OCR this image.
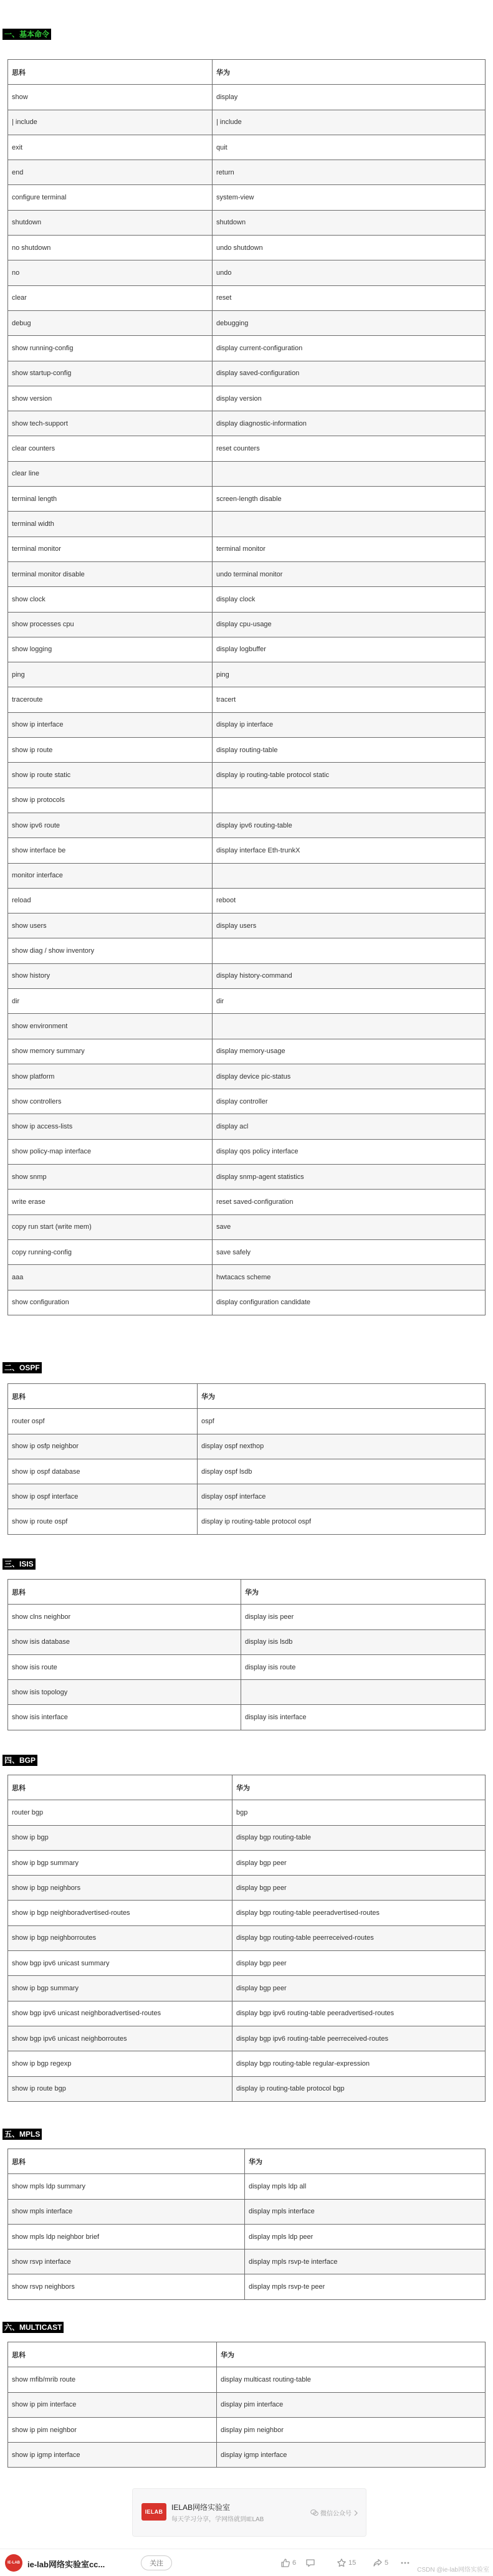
一、基本命令
思科	华为
show	display
| include	| include
exit	quit
end	return
configure terminal	system-view
shutdown	shutdown
no shutdown	undo shutdown
no	undo
clear	reset
debug	debugging
show running-config	display current-configuration
show startup-config	display saved-configuration
show version	display version
show tech-support	display diagnostic-information
clear counters	reset counters
clear line	
terminal length	screen-length disable
terminal width	
terminal monitor	terminal monitor
terminal monitor disable	undo terminal monitor
show clock	display clock
show processes cpu	display cpu-usage
show logging	display logbuffer
ping	ping
traceroute	tracert
show ip interface	display ip interface
show ip route	display routing-table
show ip route static	display ip routing-table protocol static
show ip protocols	
show ipv6 route	display ipv6 routing-table
show interface be	display interface Eth-trunkX
monitor interface	
reload	reboot
show users	display users
show diag / show inventory	
show history	display history-command
dir	dir
show environment	
show memory summary	display memory-usage
show platform	display device pic-status
show controllers	display controller
show ip access-lists	display acl
show policy-map interface	display qos policy interface
show snmp	display snmp-agent statistics
write erase	reset saved-configuration
copy run start (write mem)	save
copy running-config	save safely
aaa	hwtacacs scheme
show configuration	display configuration candidate
二、OSPF
思科	华为
router ospf	ospf
show ip osfp neighbor	display ospf nexthop
show ip ospf database	display ospf lsdb
show ip ospf interface	display ospf interface
show ip route ospf	display ip routing-table protocol ospf
三、ISIS
思科	华为
show clns neighbor	display isis peer
show isis database	display isis lsdb
show isis route	display isis route
show isis topology	
show isis interface	display isis interface
四、BGP
思科	华为
router bgp	bgp
show ip bgp	display bgp routing-table
show ip bgp summary	display bgp peer
show ip bgp neighbors	display bgp peer
show ip bgp neighboradvertised-routes	display bgp routing-table peeradvertised-routes
show ip bgp neighborroutes	display bgp routing-table peerreceived-routes
show bgp ipv6 unicast summary	display bgp peer
show ip bgp summary	display bgp peer
show bgp ipv6 unicast neighboradvertised-routes	display bgp ipv6 routing-table peeradvertised-routes
show bgp ipv6 unicast neighborroutes	display bgp ipv6 routing-table peerreceived-routes
show ip bgp regexp	display bgp routing-table regular-expression
show ip route bgp	display ip routing-table protocol bgp
五、MPLS
思科	华为
show mpls ldp summary	display mpls ldp all
show mpls interface	display mpls interface
show mpls ldp neighbor brief	display mpls ldp peer
show rsvp interface	display mpls rsvp-te interface
show rsvp neighbors	display mpls rsvp-te peer
六、MULTICAST
思科	华为
show mfib/mrib route	display multicast routing-table
show ip pim interface	display pim interface
show ip pim neighbor	display pim neighbor
show ip igmp interface	display igmp interface
IELAB	IELAB网络实验室
每天学习分享，学网络就到IELAB
微信公众号
IE-LAB ie-lab网络实验室cc...	关注	6	15	5
CSDN @ie-lab网络实验室
